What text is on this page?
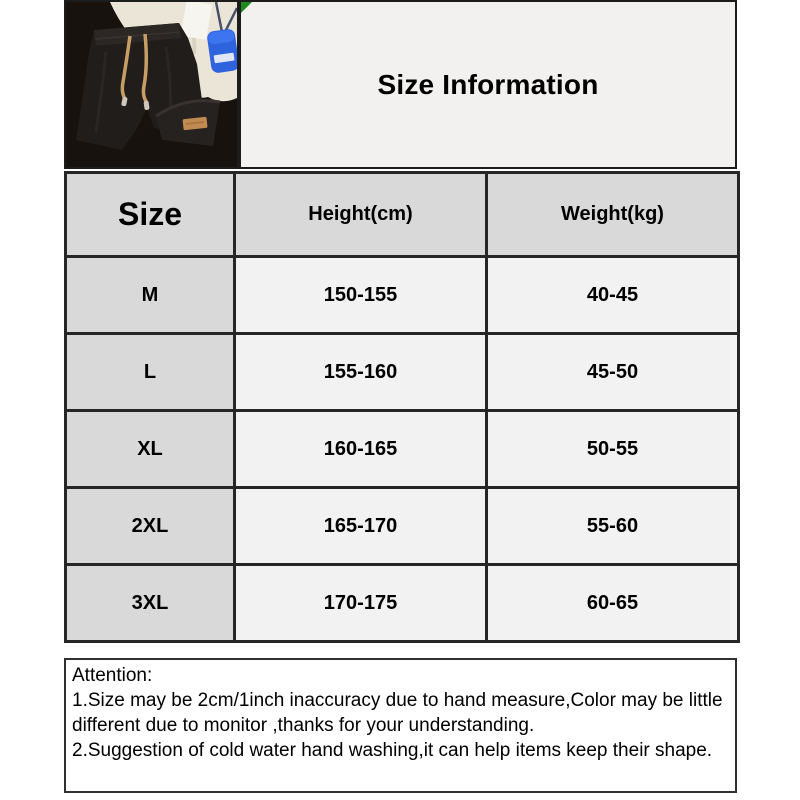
Size Information
Size	Height(cm)	Weight(kg)
M	150-155	40-45
L	155-160	45-50
XL	160-165	50-55
2XL	165-170	55-60
3XL	170-175	60-65
Attention:
1.Size may be 2cm/1inch inaccuracy due to hand measure,Color may be little
different due to monitor ,thanks for your understanding.
2.Suggestion of cold water hand washing,it can help items keep their shape.
